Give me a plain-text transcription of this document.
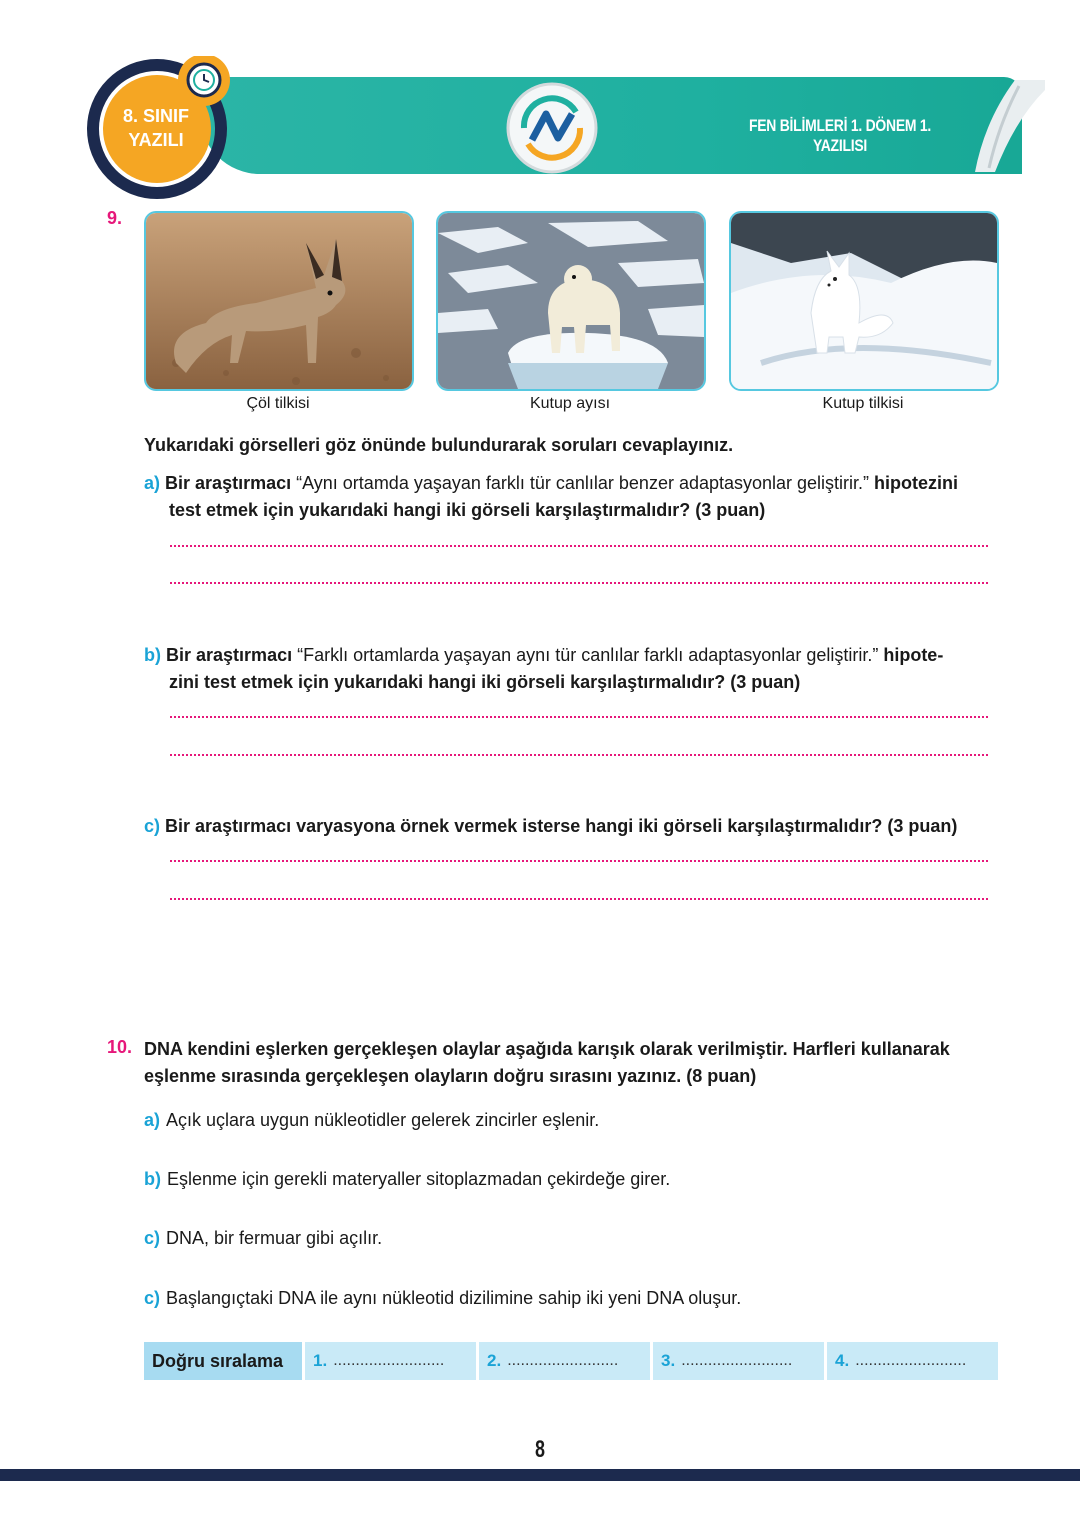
8. SINIF
YAZILI
FEN BİLİMLERİ 1. DÖNEM 1. YAZILISI
9.
Çöl tilkisi	Kutup ayısı	Kutup tilkisi
Yukarıdaki görselleri göz önünde bulundurarak soruları cevaplayınız.
a) Bir araştırmacı “Aynı ortamda yaşayan farklı tür canlılar benzer adaptasyonlar geliştirir.” hipotezini
test etmek için yukarıdaki hangi iki görseli karşılaştırmalıdır? (3 puan)
b) Bir araştırmacı “Farklı ortamlarda yaşayan aynı tür canlılar farklı adaptasyonlar geliştirir.” hipote-
zini test etmek için yukarıdaki hangi iki görseli karşılaştırmalıdır? (3 puan)
c) Bir araştırmacı varyasyona örnek vermek isterse hangi iki görseli karşılaştırmalıdır? (3 puan)
10. DNA kendini eşlerken gerçekleşen olaylar aşağıda karışık olarak verilmiştir. Harfleri kullanarak
eşlenme sırasında gerçekleşen olayların doğru sırasını yazınız. (8 puan)
a) Açık uçlara uygun nükleotidler gelerek zincirler eşlenir.
b) Eşlenme için gerekli materyaller sitoplazmadan çekirdeğe girer.
c) DNA, bir fermuar gibi açılır.
c) Başlangıçtaki DNA ile aynı nükleotid dizilimine sahip iki yeni DNA oluşur.
Doğru sıralama	1. .........................	2. .........................	3. .........................	4. .........................
8
